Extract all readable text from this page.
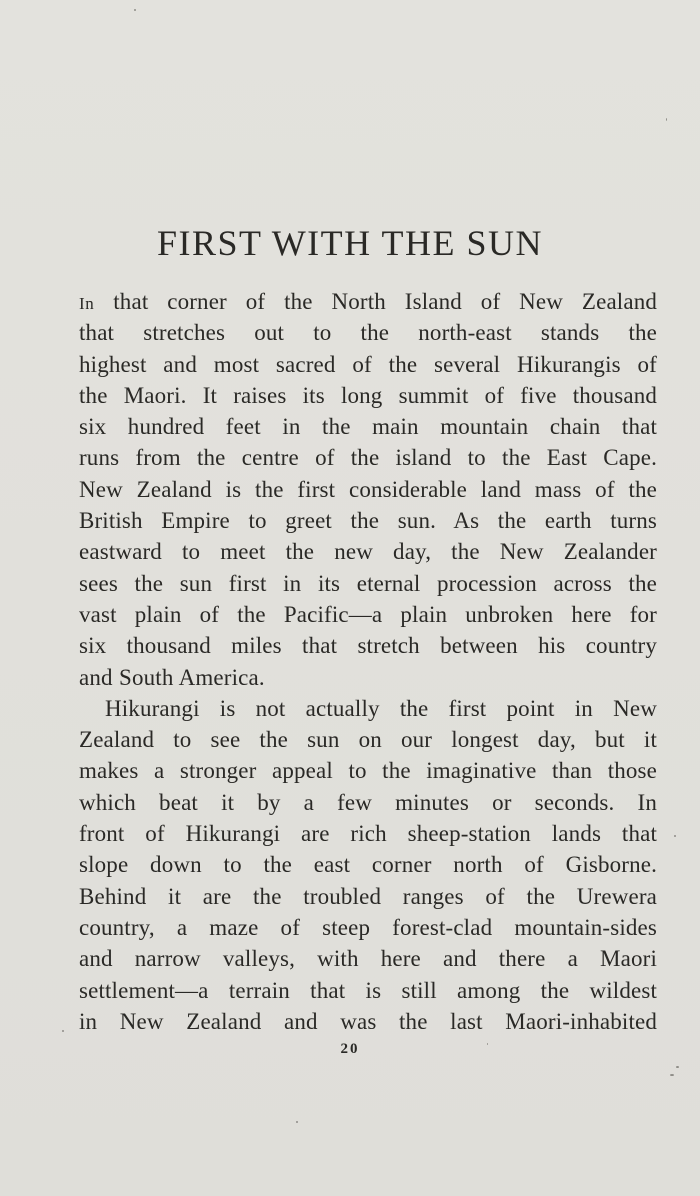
FIRST WITH THE SUN
In that corner of the North Island of New Zealand
that stretches out to the north-east stands the
highest and most sacred of the several Hikurangis of
the Maori. It raises its long summit of five thousand
six hundred feet in the main mountain chain that
runs from the centre of the island to the East Cape.
New Zealand is the first considerable land mass of the
British Empire to greet the sun. As the earth turns
eastward to meet the new day, the New Zealander
sees the sun first in its eternal procession across the
vast plain of the Pacific—a plain unbroken here for
six thousand miles that stretch between his country
and South America.
Hikurangi is not actually the first point in New
Zealand to see the sun on our longest day, but it
makes a stronger appeal to the imaginative than those
which beat it by a few minutes or seconds. In
front of Hikurangi are rich sheep-station lands that
slope down to the east corner north of Gisborne.
Behind it are the troubled ranges of the Urewera
country, a maze of steep forest-clad mountain-sides
and narrow valleys, with here and there a Maori
settlement—a terrain that is still among the wildest
in New Zealand and was the last Maori-inhabited
20
